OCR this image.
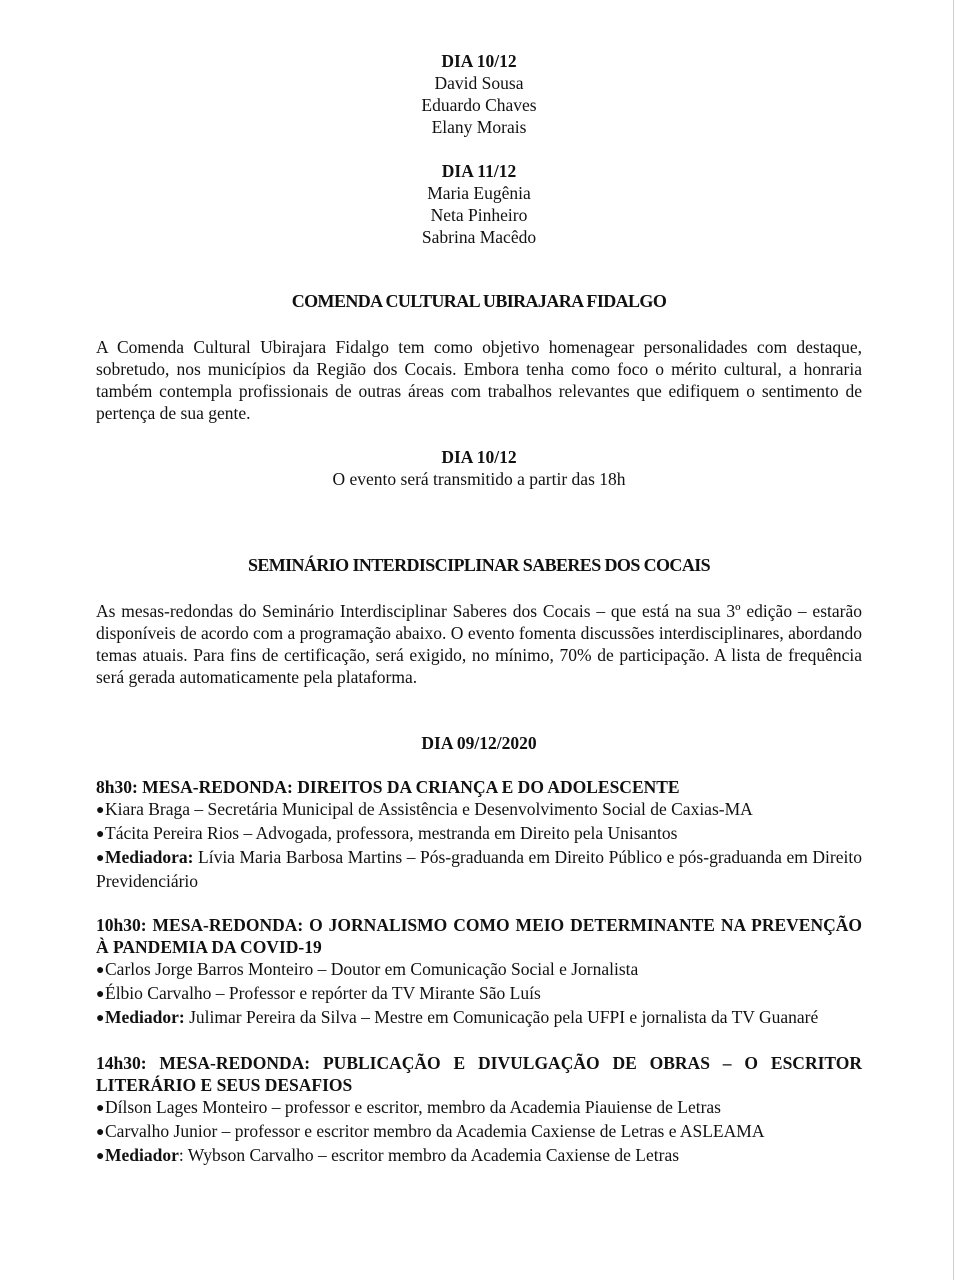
DIA 10/12
David Sousa
Eduardo Chaves
Elany Morais
DIA 11/12
Maria Eugênia
Neta Pinheiro
Sabrina Macêdo
COMENDA CULTURAL UBIRAJARA FIDALGO

A Comenda Cultural Ubirajara Fidalgo tem como objetivo homenagear personalidades com destaque, sobretudo, nos municípios da Região dos Cocais. Embora tenha como foco o mérito cultural, a honraria também contempla profissionais de outras áreas com trabalhos relevantes que edifiquem o sentimento de pertença de sua gente.

DIA 10/12
O evento será transmitido a partir das 18h
SEMINÁRIO INTERDISCIPLINAR SABERES DOS COCAIS

As mesas-redondas do Seminário Interdisciplinar Saberes dos Cocais – que está na sua 3º edição – estarão disponíveis de acordo com a programação abaixo. O evento fomenta discussões interdisciplinares, abordando temas atuais. Para fins de certificação, será exigido, no mínimo, 70% de participação. A lista de frequência será gerada automaticamente pela plataforma.

DIA 09/12/2020

8h30: MESA-REDONDA: DIREITOS DA CRIANÇA E DO ADOLESCENTE

●Kiara Braga – Secretária Municipal de Assistência e Desenvolvimento Social de Caxias-MA

●Tácita Pereira Rios – Advogada, professora, mestranda em Direito pela Unisantos

●Mediadora: Lívia Maria Barbosa Martins – Pós-graduanda em Direito Público e pós-graduanda em Direito Previdenciário

10h30: MESA-REDONDA: O JORNALISMO COMO MEIO DETERMINANTE NA PREVENÇÃO À PANDEMIA DA COVID-19

●Carlos Jorge Barros Monteiro – Doutor em Comunicação Social e Jornalista

●Élbio Carvalho – Professor e repórter da TV Mirante São Luís

●Mediador: Julimar Pereira da Silva – Mestre em Comunicação pela UFPI e jornalista da TV Guanaré

14h30: MESA-REDONDA: PUBLICAÇÃO E DIVULGAÇÃO DE OBRAS – O ESCRITOR LITERÁRIO E SEUS DESAFIOS

●Dílson Lages Monteiro – professor e escritor, membro da Academia Piauiense de Letras

●Carvalho Junior – professor e escritor membro da Academia Caxiense de Letras e ASLEAMA

●Mediador: Wybson Carvalho – escritor membro da Academia Caxiense de Letras
